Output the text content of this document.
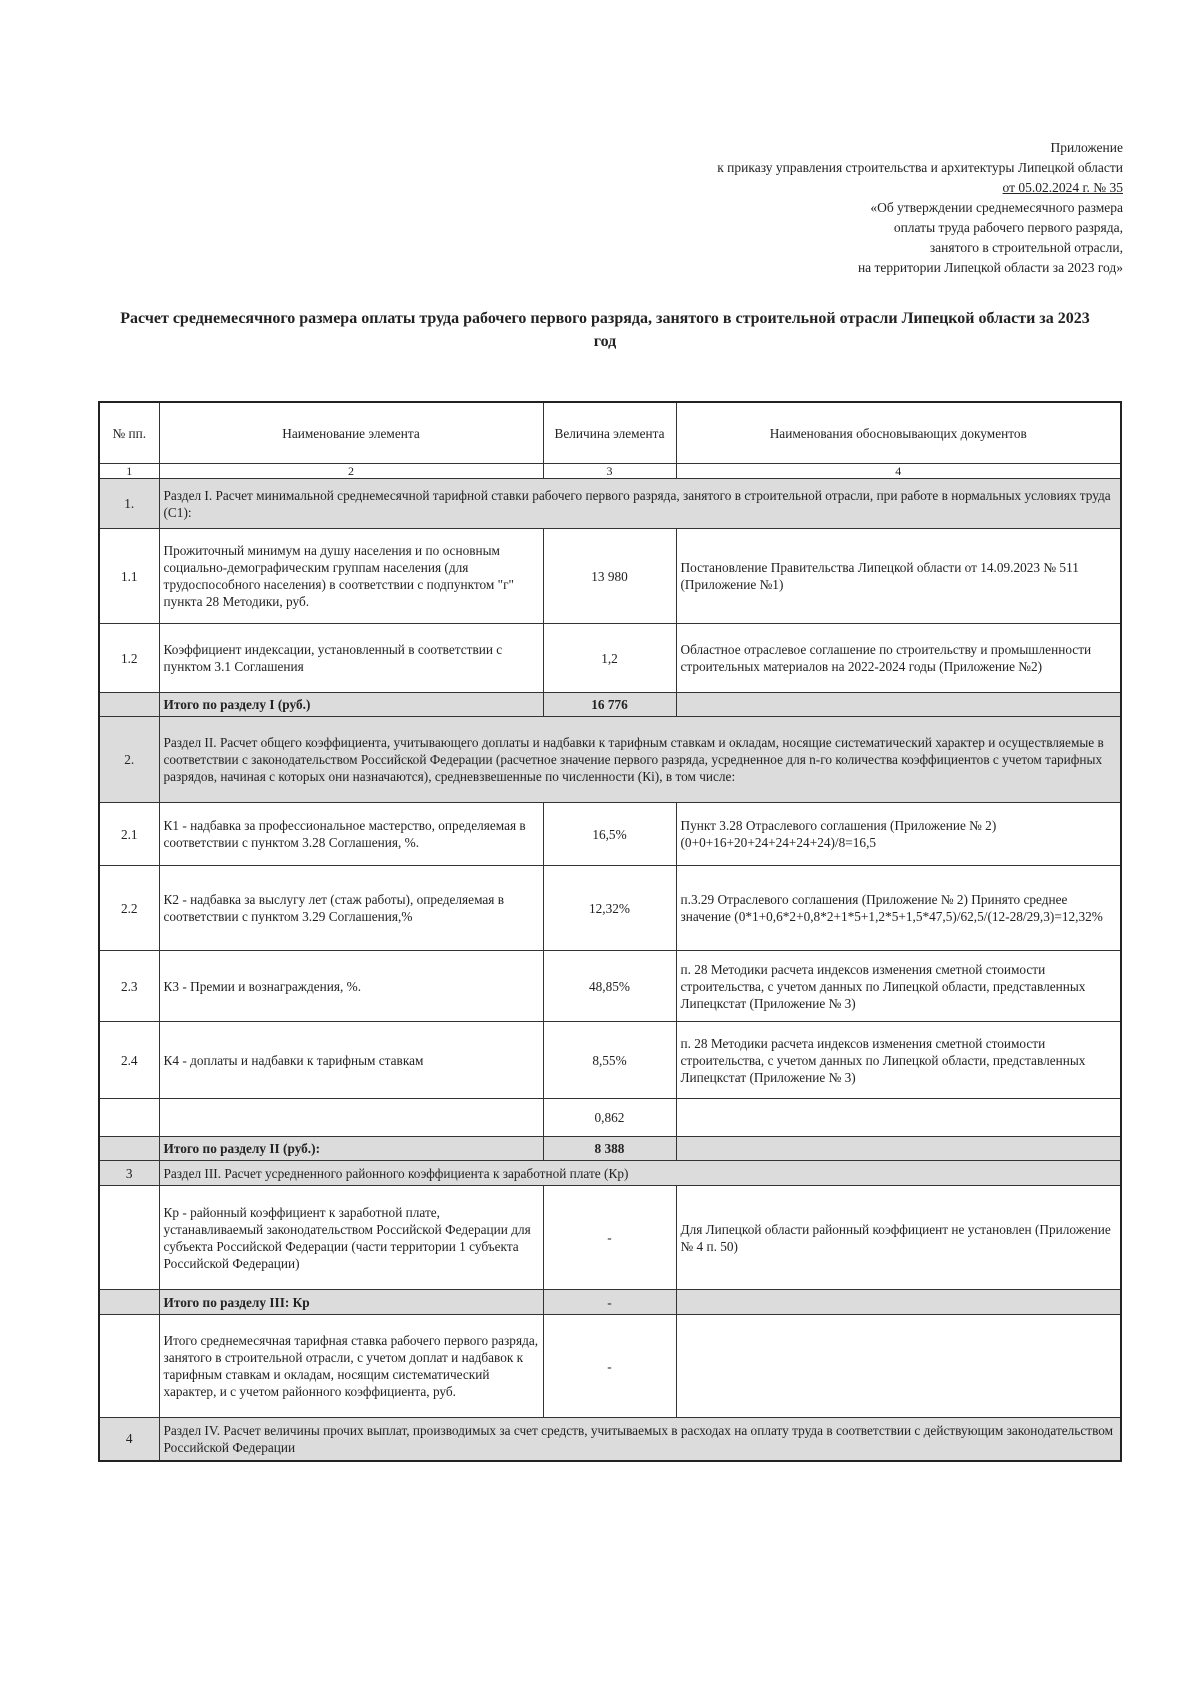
Приложение
к приказу управления строительства и архитектуры Липецкой области
от 05.02.2024 г. № 35
«Об утверждении среднемесячного размера
оплаты труда рабочего первого разряда,
занятого в строительной отрасли,
на территории Липецкой области за 2023 год»
Расчет среднемесячного размера оплаты труда рабочего первого разряда, занятого в строительной отрасли Липецкой области за 2023 год
№ пп.	Наименование элемента	Величина элемента	Наименования обосновывающих документов
1	2	3	4
1.	Раздел I. Расчет минимальной среднемесячной тарифной ставки рабочего первого разряда, занятого в строительной отрасли, при работе в нормальных условиях труда (С1):		
1.1	Прожиточный минимум на душу населения и по основным социально-демографическим группам населения (для трудоспособного населения) в соответствии с подпунктом "г" пункта 28 Методики, руб.	13 980	Постановление Правительства Липецкой области от 14.09.2023 № 511 (Приложение №1)
1.2	Коэффициент индексации, установленный в соответствии с пунктом 3.1 Соглашения	1,2	Областное отраслевое соглашение по строительству и промышленности строительных материалов на 2022-2024 годы (Приложение №2)
	Итого по разделу I (руб.)	16 776	
2.	Раздел II. Расчет общего коэффициента, учитывающего доплаты и надбавки к тарифным ставкам и окладам, носящие систематический характер и осуществляемые в соответствии с законодательством Российской Федерации (расчетное значение первого разряда, усредненное для n-го количества коэффициентов с учетом тарифных разрядов, начиная с которых они назначаются), средневзвешенные по численности (Кi), в том числе:		
2.1	К1 - надбавка за профессиональное мастерство, определяемая в соответствии с пунктом 3.28 Соглашения, %.	16,5%	Пункт 3.28 Отраслевого соглашения (Приложение № 2) (0+0+16+20+24+24+24+24)/8=16,5
2.2	К2 - надбавка за выслугу лет (стаж работы), определяемая в соответствии с пунктом 3.29 Соглашения,%	12,32%	п.3.29 Отраслевого соглашения (Приложение № 2) Принято среднее значение (0*1+0,6*2+0,8*2+1*5+1,2*5+1,5*47,5)/62,5/(12-28/29,3)=12,32%
2.3	К3 - Премии и вознаграждения, %.	48,85%	п. 28 Методики расчета индексов изменения сметной стоимости строительства, с учетом данных по Липецкой области, представленных Липецкстат (Приложение № 3)
2.4	К4 - доплаты и надбавки к тарифным ставкам	8,55%	п. 28 Методики расчета индексов изменения сметной стоимости строительства, с учетом данных по Липецкой области, представленных Липецкстат (Приложение № 3)
		0,862	
	Итого по разделу II (руб.):	8 388	
3	Раздел III. Расчет усредненного районного коэффициента к заработной плате (Кр)		
	Кр - районный коэффициент к заработной плате, устанавливаемый законодательством Российской Федерации для субъекта Российской Федерации (части территории 1 субъекта Российской Федерации)	-	Для Липецкой области районный коэффициент не установлен (Приложение № 4 п. 50)
	Итого по разделу III: Кр	-	
	Итого среднемесячная тарифная ставка рабочего первого разряда, занятого в строительной отрасли, с учетом доплат и надбавок к тарифным ставкам и окладам, носящим систематический характер, и с учетом районного коэффициента, руб.	-	
4	Раздел IV. Расчет величины прочих выплат, производимых за счет средств, учитываемых в расходах на оплату труда в соответствии с действующим законодательством Российской Федерации		
